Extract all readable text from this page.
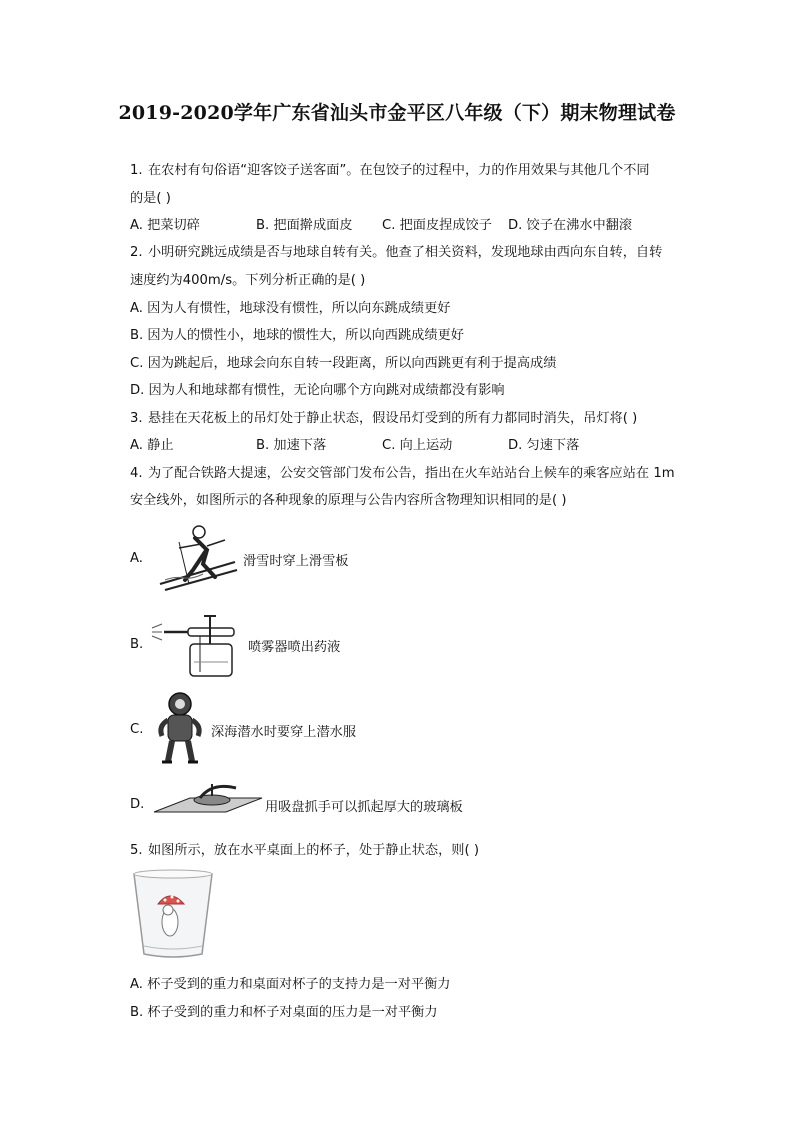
2019-2020学年广东省汕头市金平区八年级（下）期末物理试卷
1. 在农村有句俗语“迎客饺子送客面”。在包饺子的过程中，力的作用效果与其他几个不同
的是( )
A. 把菜切碎	B. 把面擀成面皮 C. 把面皮捏成饺子 D. 饺子在沸水中翻滚
2. 小明研究跳远成绩是否与地球自转有关。他查了相关资料，发现地球由西向东自转，自转
速度约为400m/s。下列分析正确的是( )
A. 因为人有惯性，地球没有惯性，所以向东跳成绩更好
B. 因为人的惯性小，地球的惯性大，所以向西跳成绩更好
C. 因为跳起后，地球会向东自转一段距离，所以向西跳更有利于提高成绩
D. 因为人和地球都有惯性，无论向哪个方向跳对成绩都没有影响
3. 悬挂在天花板上的吊灯处于静止状态，假设吊灯受到的所有力都同时消失，吊灯将( )
A. 静止	B. 加速下落	C. 向上运动	D. 匀速下落
4. 为了配合铁路大提速，公安交管部门发布公告，指出在火车站站台上候车的乘客应站在 1m
安全线外，如图所示的各种现象的原理与公告内容所含物理知识相同的是( )
A.	滑雪时穿上滑雪板
B.	喷雾器喷出药液
C.	深海潜水时要穿上潜水服
D.	用吸盘抓手可以抓起厚大的玻璃板
5. 如图所示，放在水平桌面上的杯子，处于静止状态，则( )
A. 杯子受到的重力和桌面对杯子的支持力是一对平衡力
B. 杯子受到的重力和杯子对桌面的压力是一对平衡力
